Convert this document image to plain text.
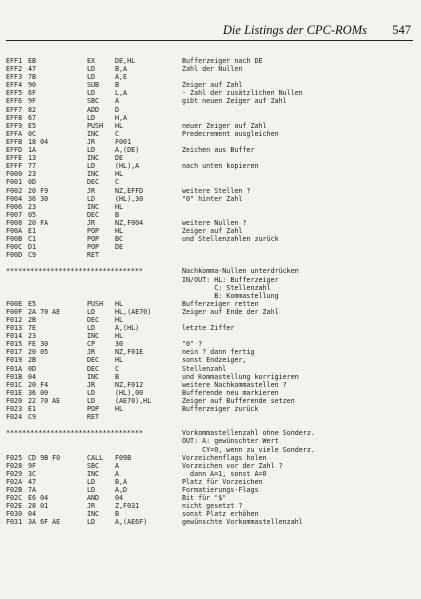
Die Listings der CPC-ROMs 547
EFF1 EB	EX	DE,HL	Bufferzeiger nach DE
EFF2 47	LD	B,A	Zahl der Nullen
EFF3 7B	LD	A,E
EFF4 90	SUB B	Zeiger auf Zahl
EFF5 6F	LD	L,A	- Zahl der zusätzlichen Nullen
EFF6 9F	SBC A	gibt neuen Zeiger auf Zahl
EFF7 82	ADD D
EFF8 67	LD	H,A
EFF9 E5	PUSH HL	neuer Zeiger auf Zahl
EFFA 0C	INC C	Predecrement ausgleichen
EFFB 18 04	JR	F001
EFFD 1A	LD	A,(DE)	Zeichen aus Buffer
EFFE 13	INC DE
EFFF 77	LD	(HL),A	nach unten kopieren
F000 23	INC HL
F001 0D	DEC C
F002 20 F9	JR	NZ,EFFD	weitere Stellen ?
F004 36 30	LD	(HL),30	"0" hinter Zahl
F006 23	INC HL
F007 05	DEC B
F008 20 FA	JR	NZ,F004	weitere Nullen ?
F00A E1	POP HL	Zeiger auf Zahl
F00B C1	POP BC	und Stellenzahlen zurück
F00C D1	POP DE
F00D C9	RET
**********************************	Nachkomma-Nullen unterdrücken
IN/OUT: HL: Bufferzeiger
C: Stellenzahl
B: Kommastellung
F00E E5	PUSH HL	Bufferzeiger retten
F00F 2A 70 AE	LD	HL,(AE70)	Zeiger auf Ende der Zahl
F012 2B	DEC HL
F013 7E	LD	A,(HL)	letzte Ziffer
F014 23	INC HL
F015 FE 30	CP	30	"0" ?
F017 20 05	JR	NZ,F01E	nein ? dann fertig
F019 2B	DEC HL	sonst Endzeiger,
F01A 0D	DEC C	Stellenzahl
F01B 04	INC B	und Kommastellung korrigieren
F01C 20 F4	JR	NZ,F012	weitere Nachkommastellen ?
F01E 36 00	LD	(HL),00	Bufferende neu markieren
F020 22 70 AE	LD	(AE70),HL	Zeiger auf Bufferende setzen
F023 E1	POP HL	Bufferzeiger zurück
F024 C9	RET
**********************************	Vorkommastellenzahl ohne Sonderz.
OUT: A: gewünschter Wert
CY=0, wenn zu viele Sonderz.
F025 CD 9B F0	CALL F09B	Vorzeichenflags holen
F028 9F	SBC A	Vorzeichen vor der Zahl ?
F029 3C	INC A	dann A=1, sonst A=0
F02A 47	LD	B,A	Platz für Vorzeichen
F02B 7A	LD	A,D	Formatierungs-Flags
F02C E6 04	AND 04	Bit für "$"
F02E 28 01	JR	Z,F031	nicht gesetzt ?
F030 04	INC B	sonst Platz erhöhen
F031 3A 6F AE	LD	A,(AE6F)	gewünschte Vorkommastellenzahl
